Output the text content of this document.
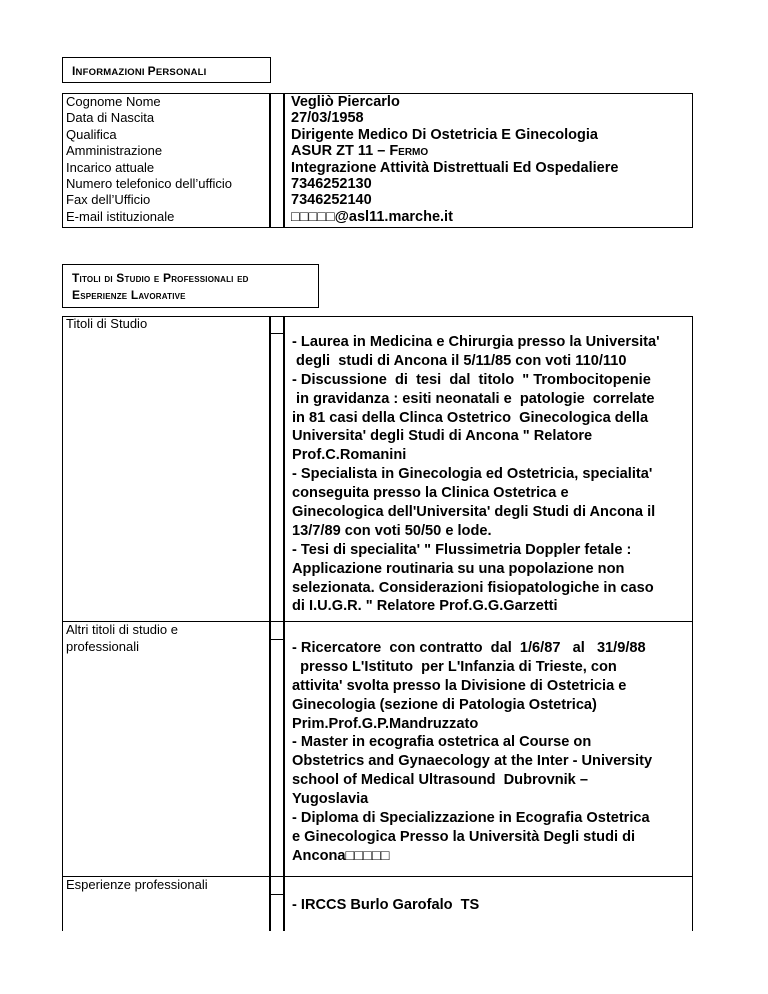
INFORMAZIONI PERSONALI
Cognome Nome
Data di Nascita
Qualifica
Amministrazione
Incarico attuale
Numero telefonico dell’ufficio
Fax dell’Ufficio
E-mail istituzionale
Vegliò Piercarlo
27/03/1958
Dirigente Medico Di Ostetricia E Ginecologia
ASUR ZT 11 – Fermo
Integrazione Attività Distrettuali Ed Ospedaliere
7346252130
7346252140
□□□□□@asl11.marche.it
Titoli di Studio e Professionali ed
Esperienze Lavorative
Titoli di Studio
- Laurea in Medicina e Chirurgia presso la Universita'
degli  studi di Ancona il 5/11/85 con voti 110/110
- Discussione  di  tesi  dal  titolo  " Trombocitopenie
in gravidanza : esiti neonatali e  patologie  correlate
in 81 casi della Clinca Ostetrico  Ginecologica della
Universita' degli Studi di Ancona " Relatore
Prof.C.Romanini
- Specialista in Ginecologia ed Ostetricia, specialita'
conseguita presso la Clinica Ostetrica e
Ginecologica dell'Universita' degli Studi di Ancona il
13/7/89 con voti 50/50 e lode.
- Tesi di specialita' " Flussimetria Doppler fetale :
Applicazione routinaria su una popolazione non
selezionata. Considerazioni fisiopatologiche in caso
di I.U.G.R. " Relatore Prof.G.G.Garzetti
Altri titoli di studio e
professionali	- Ricercatore  con contratto  dal  1/6/87   al   31/9/88
presso L'Istituto  per L'Infanzia di Trieste, con
attivita' svolta presso la Divisione di Ostetricia e
Ginecologia (sezione di Patologia Ostetrica)
Prim.Prof.G.P.Mandruzzato
- Master in ecografia ostetrica al Course on
Obstetrics and Gynaecology at the Inter - University
school of Medical Ultrasound  Dubrovnik –
Yugoslavia
- Diploma di Specializzazione in Ecografia Ostetrica
e Ginecologica Presso la Università Degli studi di
Ancona□□□□□
Esperienze professionali
- IRCCS Burlo Garofalo  TS
